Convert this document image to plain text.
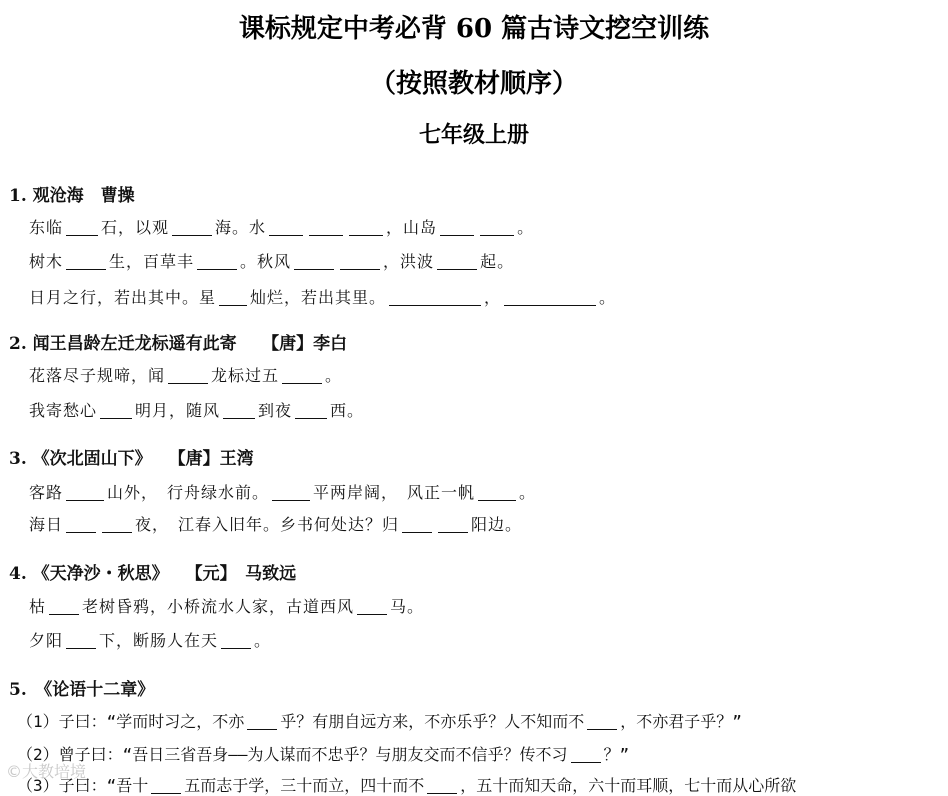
课标规定中考必背 60 篇古诗文挖空训练
（按照教材顺序）
七年级上册
1. 观沧海　曹操
东临 石，以观	海。水	，山岛	。
树木	生，百草丰	。秋风	，洪波	起。
日月之行，若出其中。星 灿烂，若出其里。	，	。
2. 闻王昌龄左迁龙标遥有此寄　　【唐】李白
花落尽子规啼，闻	龙标过五	。
我寄愁心 明月，随风 到夜 西。
3. 《次北固山下》　　【唐】王湾
客路	山外，　行舟绿水前。	平两岸阔，　风正一帆	。
海日	夜，　江春入旧年。乡书何处达？归	阳边。
4. 《天净沙・秋思》　　【元】　马致远
枯 老树昏鸦，小桥流水人家，古道西风 马。
夕阳 下，断肠人在天 。
5.　《论语十二章》
（1）子曰：“学而时习之，不亦 乎？有朋自远方来，不亦乐乎？人不知而不 ，不亦君子乎？”
（2）曾子曰：“吾日三省吾身——为人谋而不忠乎？与朋友交而不信乎？传不习 ？”
（3）子曰：“吾十 五而志于学，三十而立，四十而不 ，五十而知天命，六十而耳顺，七十而从心所欲
©大教培境
